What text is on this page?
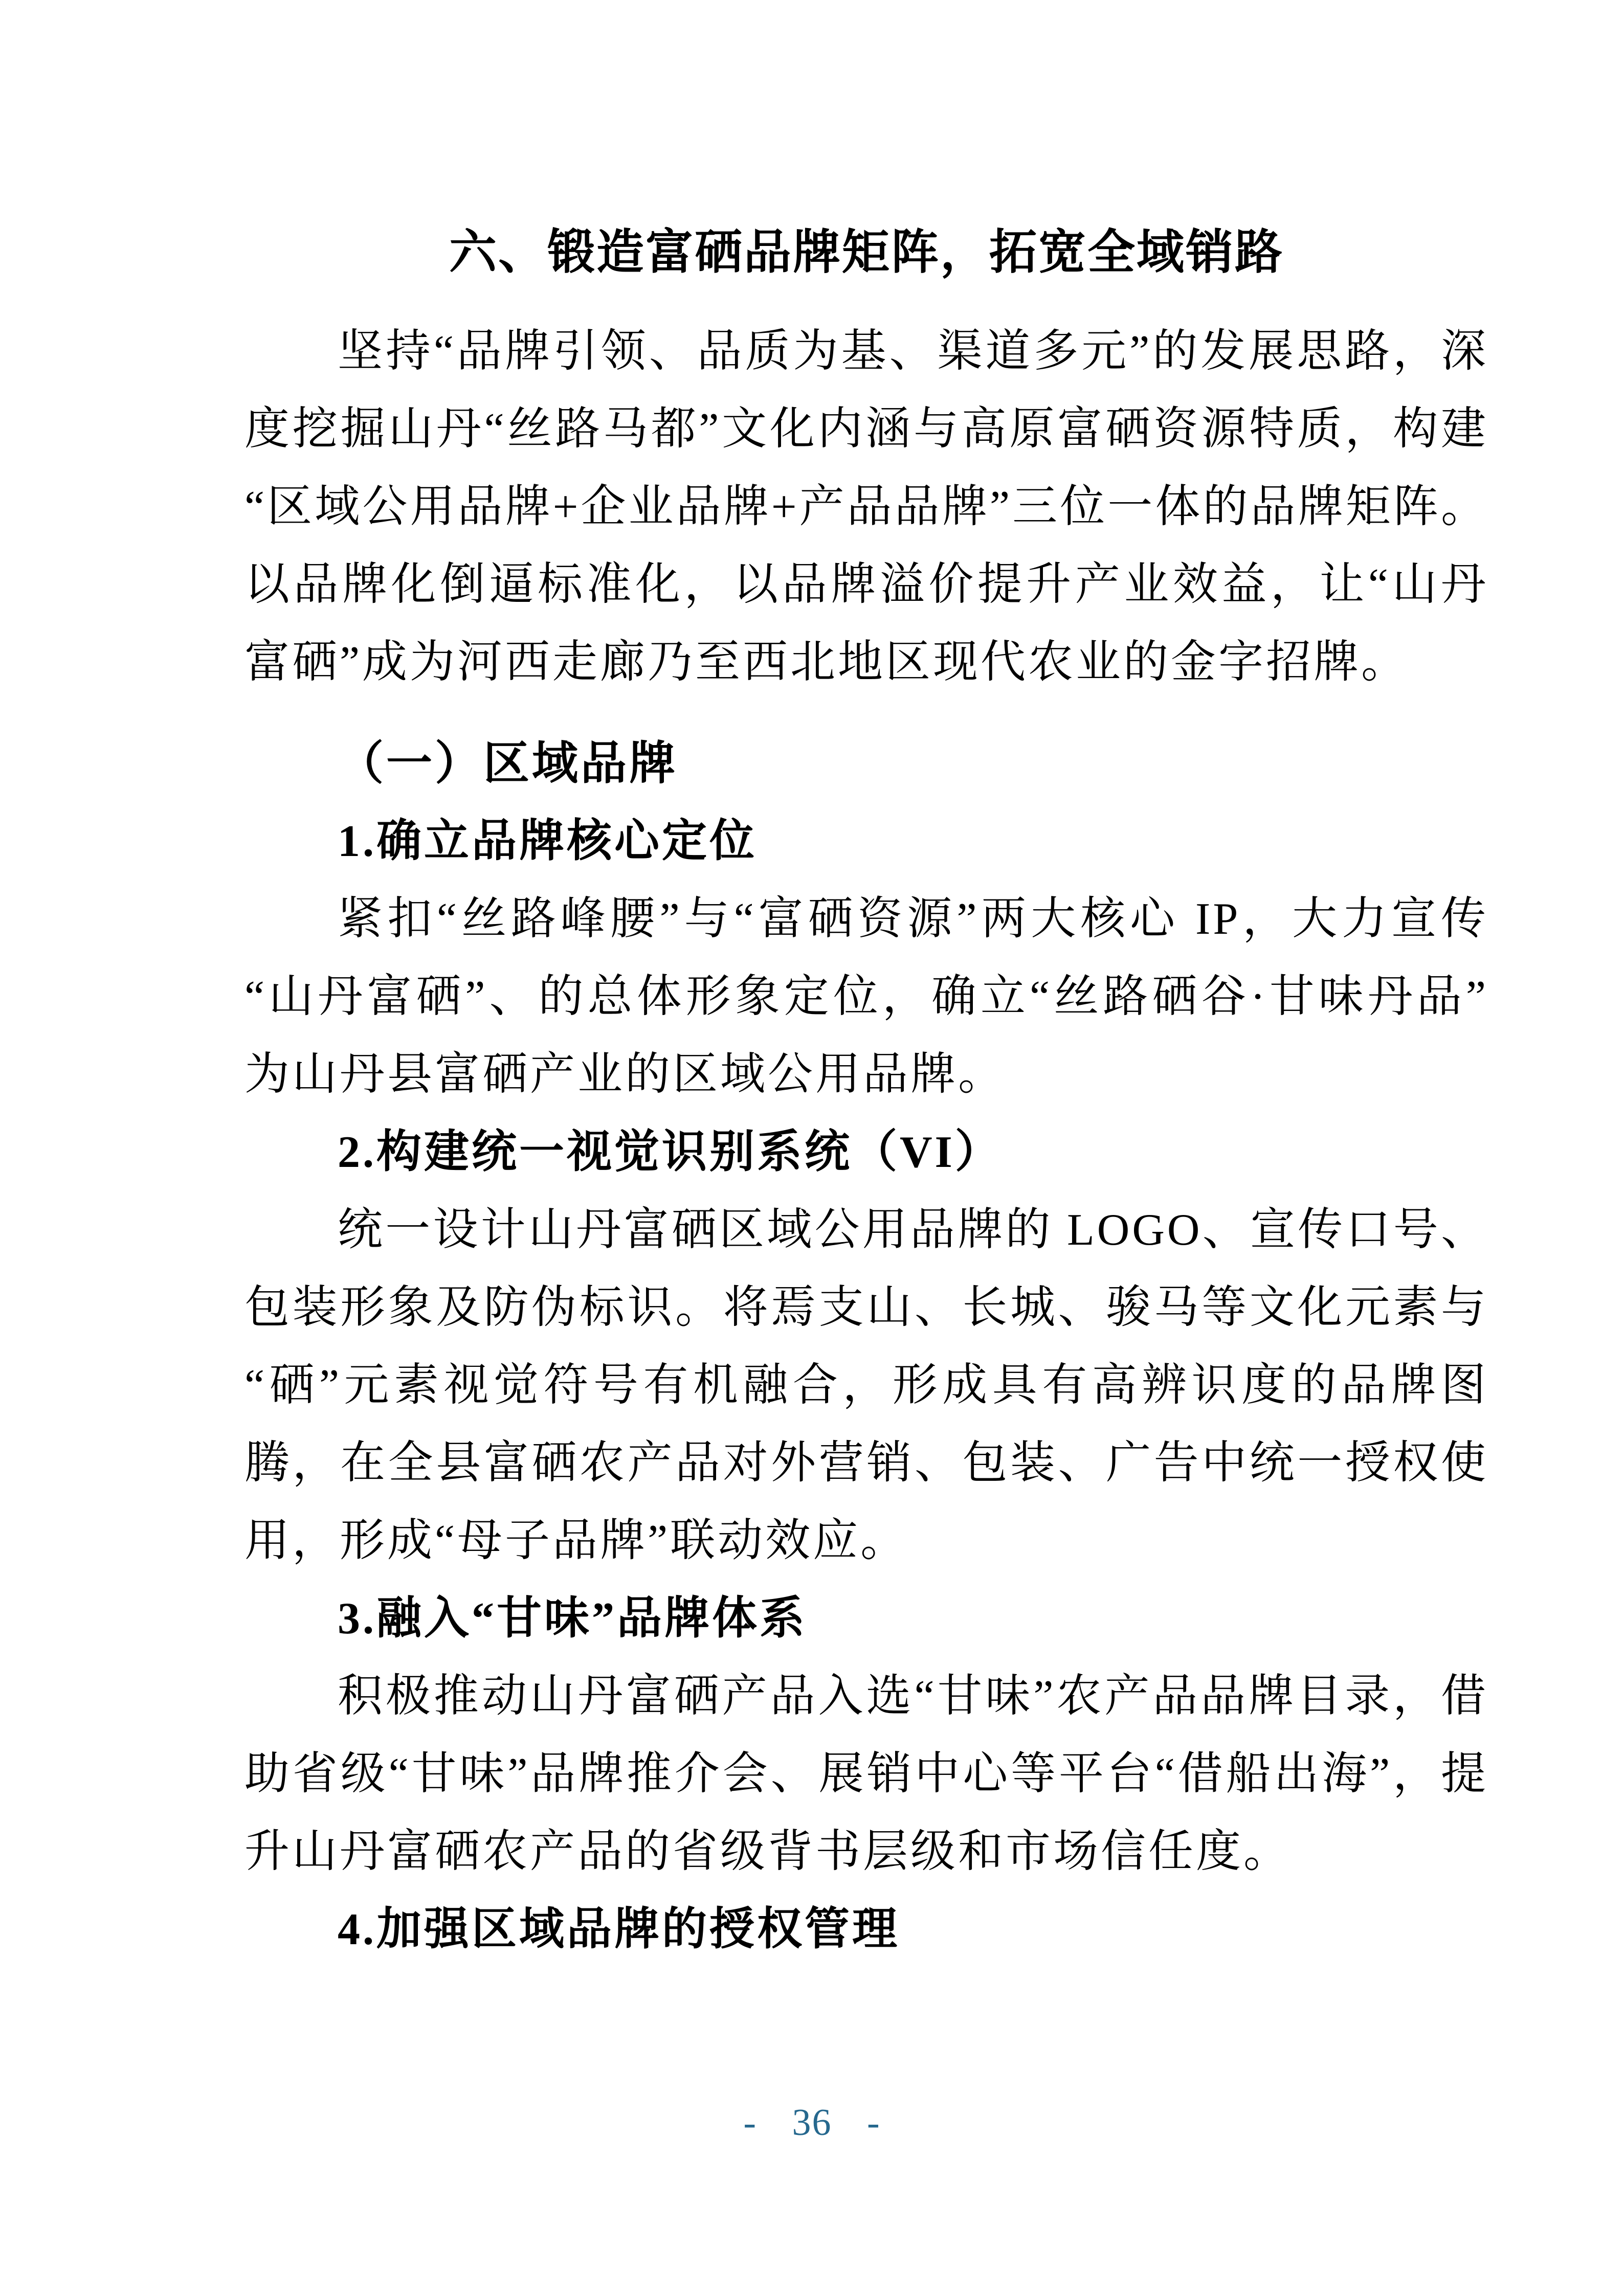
六、锻造富硒品牌矩阵，拓宽全域销路

坚持“品牌引领、品质为基、渠道多元”的发展思路，深度挖掘山丹“丝路马都”文化内涵与高原富硒资源特质，构建“区域公用品牌+企业品牌+产品品牌”三位一体的品牌矩阵。以品牌化倒逼标准化，以品牌溢价提升产业效益，让“山丹富硒”成为河西走廊乃至西北地区现代农业的金字招牌。

（一）区域品牌
1.确立品牌核心定位

紧扣“丝路峰腰”与“富硒资源”两大核心 IP，大力宣传“山丹富硒”、的总体形象定位，确立“丝路硒谷·甘味丹品”为山丹县富硒产业的区域公用品牌。

2.构建统一视觉识别系统（VI）

统一设计山丹富硒区域公用品牌的 LOGO、宣传口号、包装形象及防伪标识。将焉支山、长城、骏马等文化元素与“硒”元素视觉符号有机融合，形成具有高辨识度的品牌图腾，在全县富硒农产品对外营销、包装、广告中统一授权使用，形成“母子品牌”联动效应。

3.融入“甘味”品牌体系

积极推动山丹富硒产品入选“甘味”农产品品牌目录，借助省级“甘味”品牌推介会、展销中心等平台“借船出海”，提升山丹富硒农产品的省级背书层级和市场信任度。

4.加强区域品牌的授权管理
- 36 -
